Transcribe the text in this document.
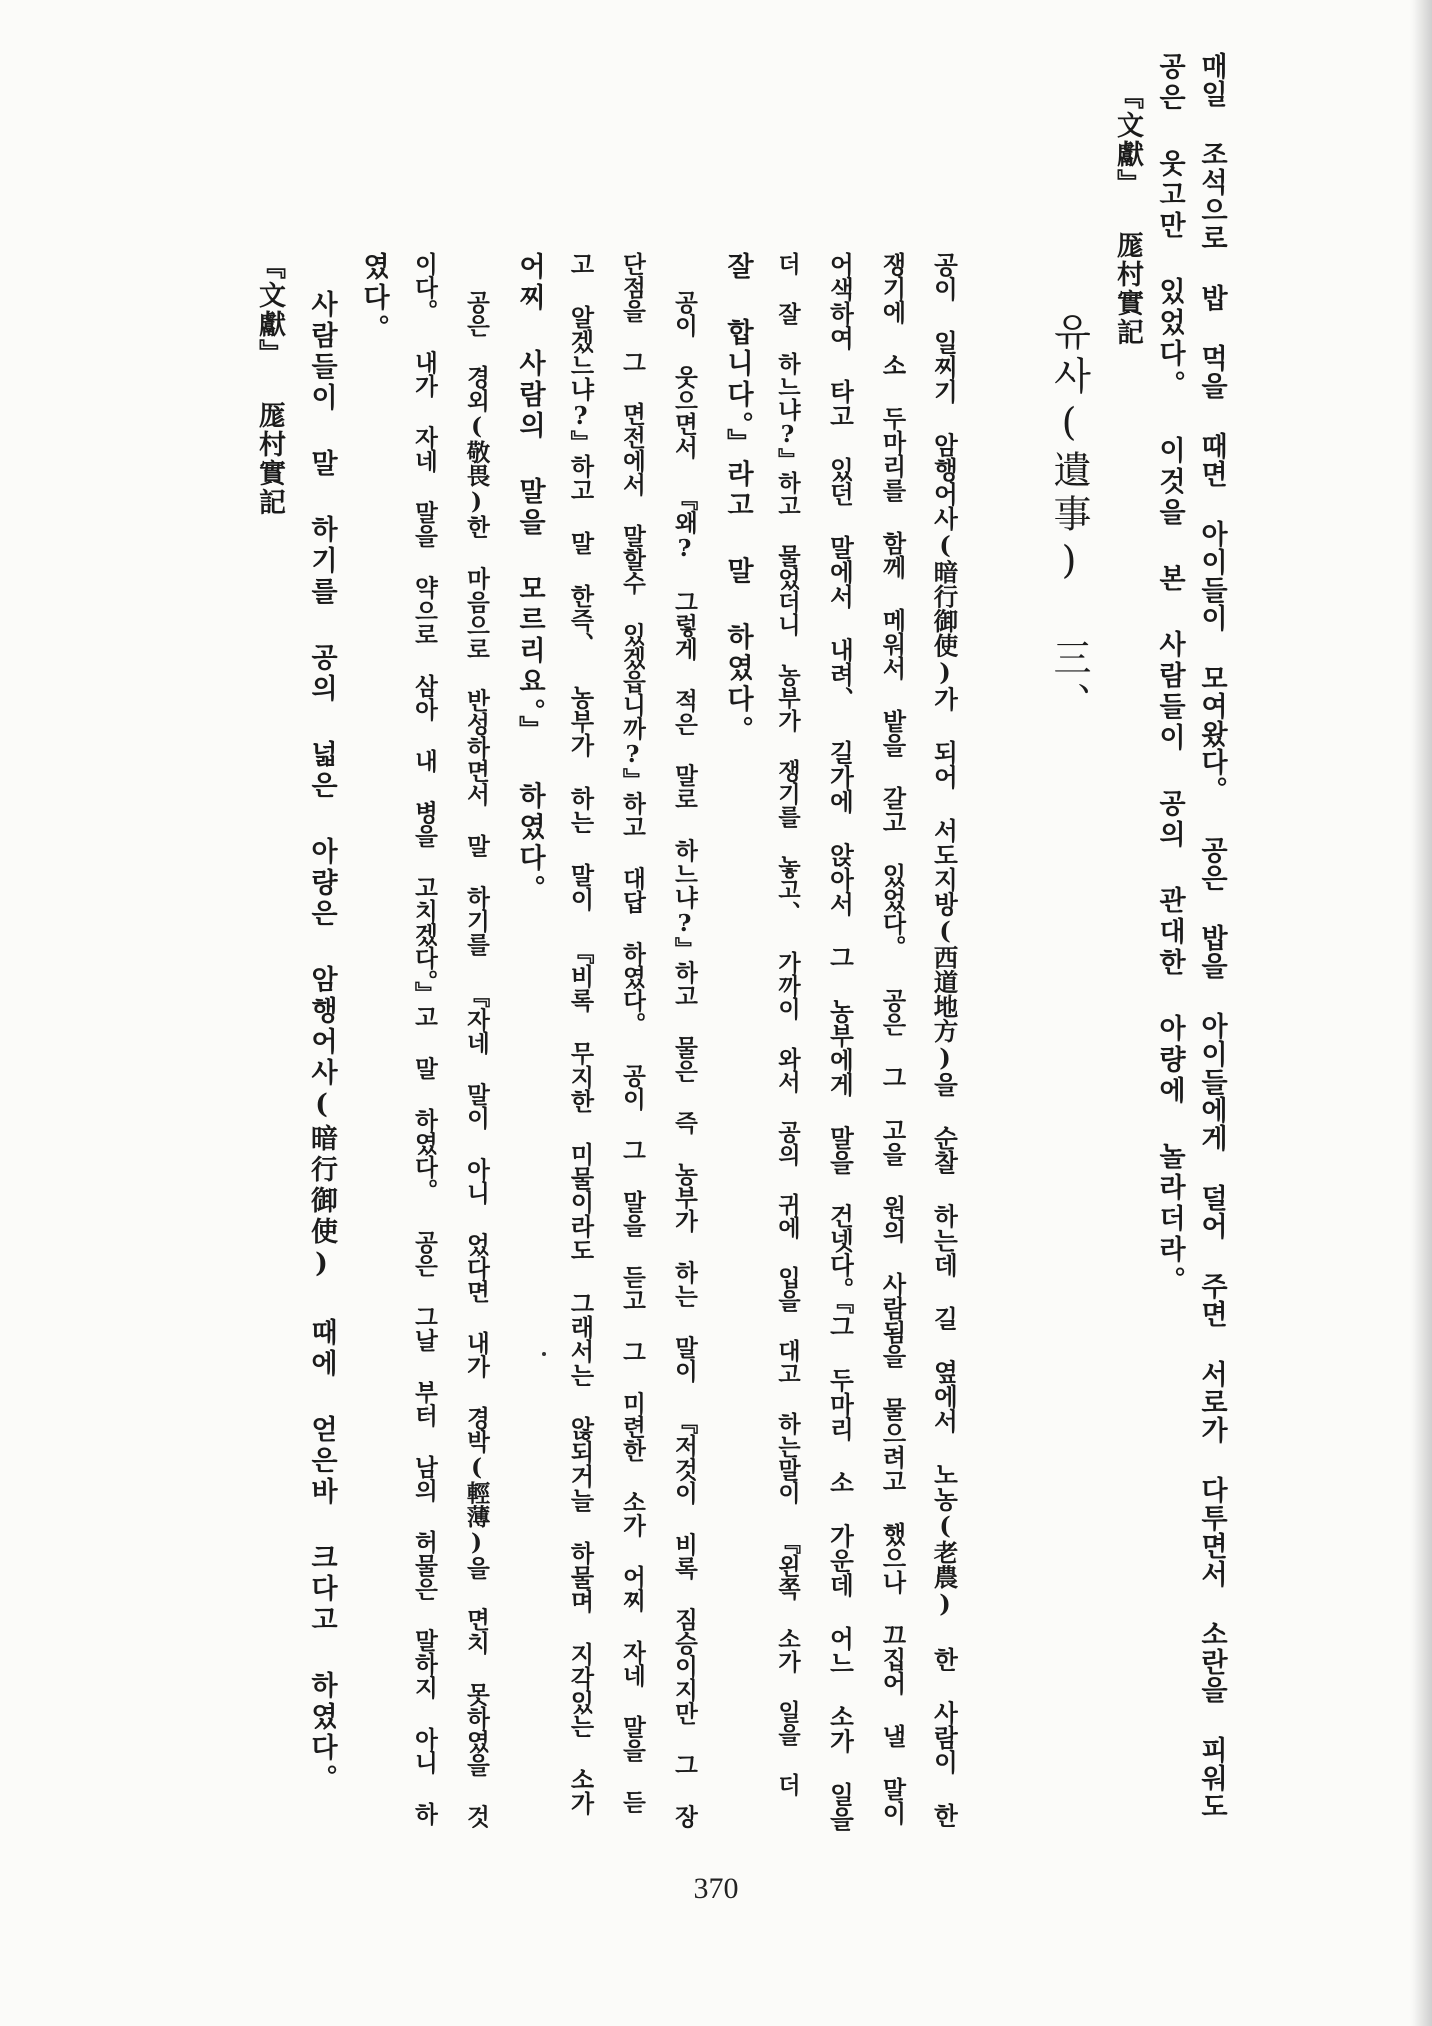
매일 조석으로 밥 먹을 때면 아이들이 모여왔다。 공은 밥을 아이들에게 덜어 주면 서로가 다투면서 소란을 피워도
공은 웃고만 있었다。 이것을 본 사람들이 공의 관대한 아량에 놀라더라。
『文獻』 厖村實記
유사(遺事) 三、
공이 일찌기 암행어사(暗行御使)가 되어 서도지방(西道地方)을 순찰 하는데 길 옆에서 노농(老農) 한 사람이 한
쟁기에 소 두마리를 함께 메워서 밭을 갈고 있었다。 공은 그 고을 원의 사람됨을 물으려고 했으나 끄집어 낼 말이
어색하여 타고 있던 말에서 내려、 길가에 앉아서 그 농부에게 말을 건넷다。『그 두마리 소 가운데 어느 소가 일을
더 잘 하느냐?』하고 물었더니 농부가 쟁기를 놓고、 가까이 와서 공의 귀에 입을 대고 하는말이 『왼쪽 소가 일을 더
잘 합니다。』라고 말 하였다。
공이 웃으면서 『왜? 그렇게 적은 말로 하느냐?』하고 물은 즉 농부가 하는 말이 『저것이 비록 짐승이지만 그 장
단점을 그 면전에서 말할수 있겠읍니까?』하고 대답 하였다。 공이 그 말을 듣고 그 미련한 소가 어찌 자네 말을 듣
고 알겠느냐?』하고 말 한즉、 농부가 하는 말이 『비록 무지한 미물이라도 그래서는 않되거늘 하물며 지각있는 소가
어찌 사람의 말을 모르리요。』 하였다。
공은 경외(敬畏)한 마음으로 반성하면서 말 하기를 『자네 말이 아니 었다면 내가 경박(輕薄)을 면치 못하였을 것
이다。 내가 자네 말을 약으로 삼아 내 병을 고치겠다。』고 말 하였다。 공은 그날 부터 남의 허물은 말하지 아니 하
였다。
사람들이 말 하기를 공의 넓은 아량은 암행어사(暗行御使) 때에 얻은바 크다고 하였다。
『文獻』 厖村實記
370
